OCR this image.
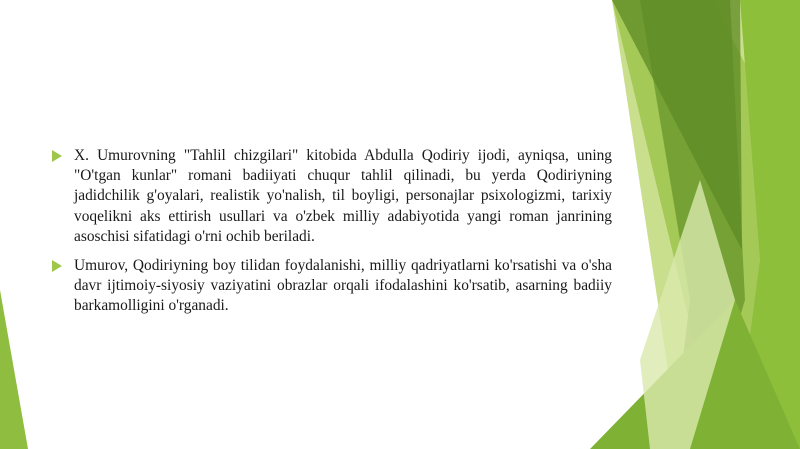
X. Umurovning "Tahlil chizgilari" kitobida Abdulla Qodiriy ijodi, ayniqsa, uning "O'tgan kunlar" romani badiiyati chuqur tahlil qilinadi, bu yerda Qodiriyning jadidchilik g'oyalari, realistik yo'nalish, til boyligi, personajlar psixologizmi, tarixiy voqelikni aks ettirish usullari va o'zbek milliy adabiyotida yangi roman janrining asoschisi sifatidagi o'rni ochib beriladi.
Umurov, Qodiriyning boy tilidan foydalanishi, milliy qadriyatlarni ko'rsatishi va o'sha davr ijtimoiy-siyosiy vaziyatini obrazlar orqali ifodalashini ko'rsatib, asarning badiiy barkamolligini o'rganadi.
